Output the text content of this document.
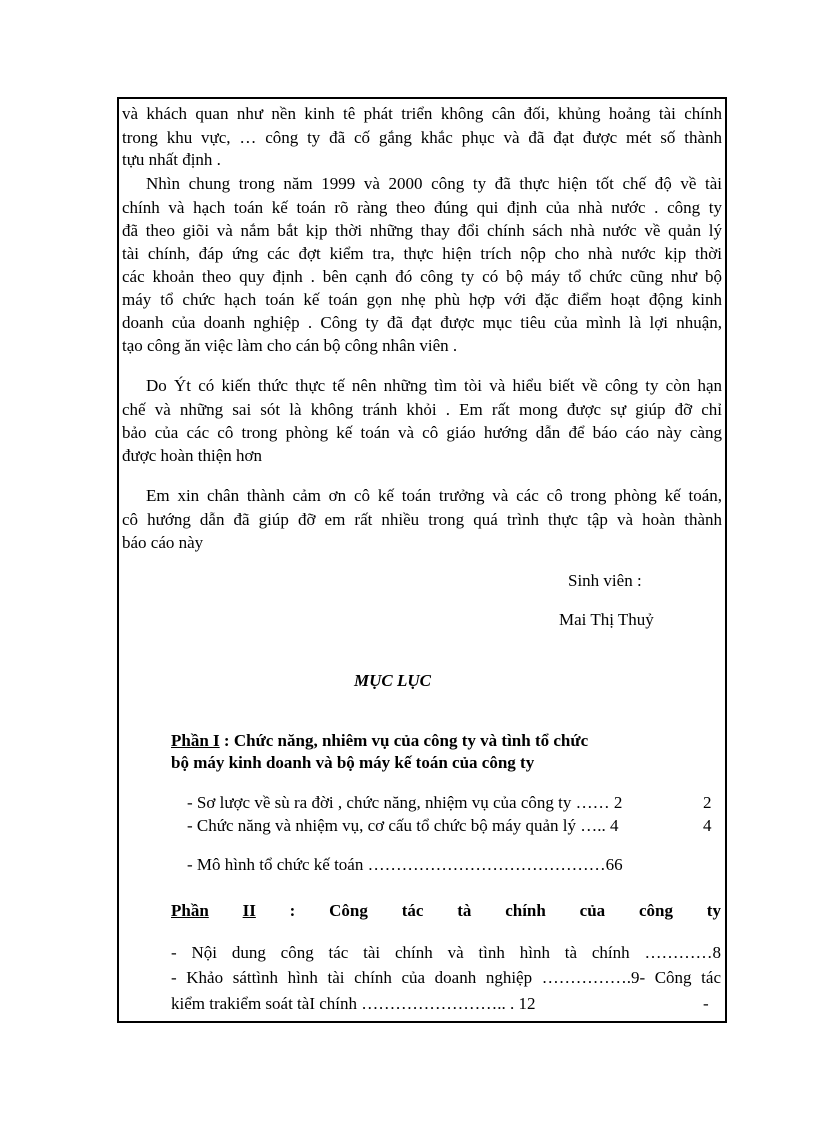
và khách quan như nền kinh tê phát triển không cân đối, khủng hoảng tài chính
trong khu vực, … công ty đã cố gắng khắc phục và đã đạt được mét số thành
tựu nhất định .
Nhìn chung trong năm 1999 và 2000 công ty đã thực hiện tốt chế độ về tài
chính và hạch toán kế toán rõ ràng theo đúng qui định của nhà nước . công ty
đã theo giõi và nắm bắt kịp thời những thay đổi chính sách nhà nước về quản lý
tài chính, đáp ứng các đợt kiểm tra, thực hiện trích nộp cho nhà nước kịp thời
các khoản theo quy định . bên cạnh đó công ty có bộ máy tổ chức cũng như bộ
máy tổ chức hạch toán kế toán gọn nhẹ phù hợp với đặc điểm hoạt động kinh
doanh của doanh nghiệp . Công ty đã đạt được mục tiêu của mình là lợi nhuận,
tạo công ăn việc làm cho cán bộ công nhân viên .
Do Ýt có kiến thức thực tế nên những tìm tòi và hiểu biết về công ty còn hạn
chế và những sai sót là không tránh khỏi . Em rất mong được sự giúp đỡ chỉ
bảo của các cô trong phòng kế toán và cô giáo hướng dẫn để báo cáo này càng
được hoàn thiện hơn
Em xin chân thành cảm ơn cô kế toán trưởng và các cô trong phòng kế toán,
cô hướng dẫn đã giúp đỡ em rất nhiều trong quá trình thực tập và hoàn thành
báo cáo này
Sinh viên :
Mai Thị Thuỷ
MỤC LỤC
Phần I : Chức năng, nhiêm vụ của công ty và tình tổ chức
bộ máy kinh doanh và bộ máy kế toán của công ty
- Sơ lược về sù ra đời , chức năng, nhiệm vụ của công ty …… 2	2
- Chức năng và nhiệm vụ, cơ cấu tổ chức bộ máy quản lý ….. 4	4
- Mô hình tổ chức kế toán ……………………………………66
Phần II : Công tác tà chính của công ty
- Nội dung công tác tài chính và tình hình tà chính …………8
- Khảo sáttình hình tài chính của doanh nghiệp …………….9- Công tác
kiểm trakiểm soát tàI chính …………………….. . 12	-
